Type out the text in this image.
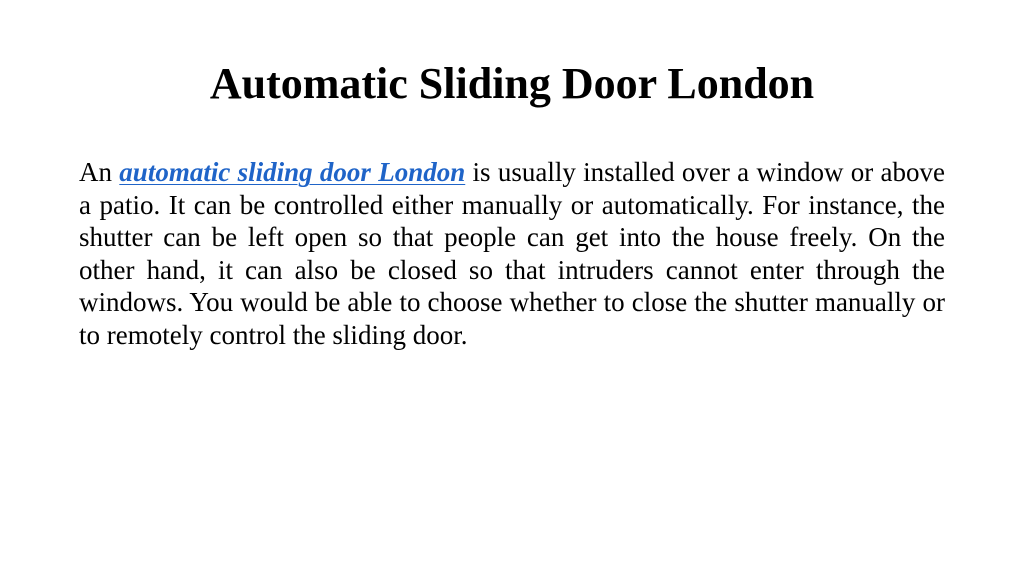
Automatic Sliding Door London

An automatic sliding door London is usually installed over a window or above a patio. It can be controlled either manually or automatically. For instance, the shutter can be left open so that people can get into the house freely. On the other hand, it can also be closed so that intruders cannot enter through the windows. You would be able to choose whether to close the shutter manually or to remotely control the sliding door.
